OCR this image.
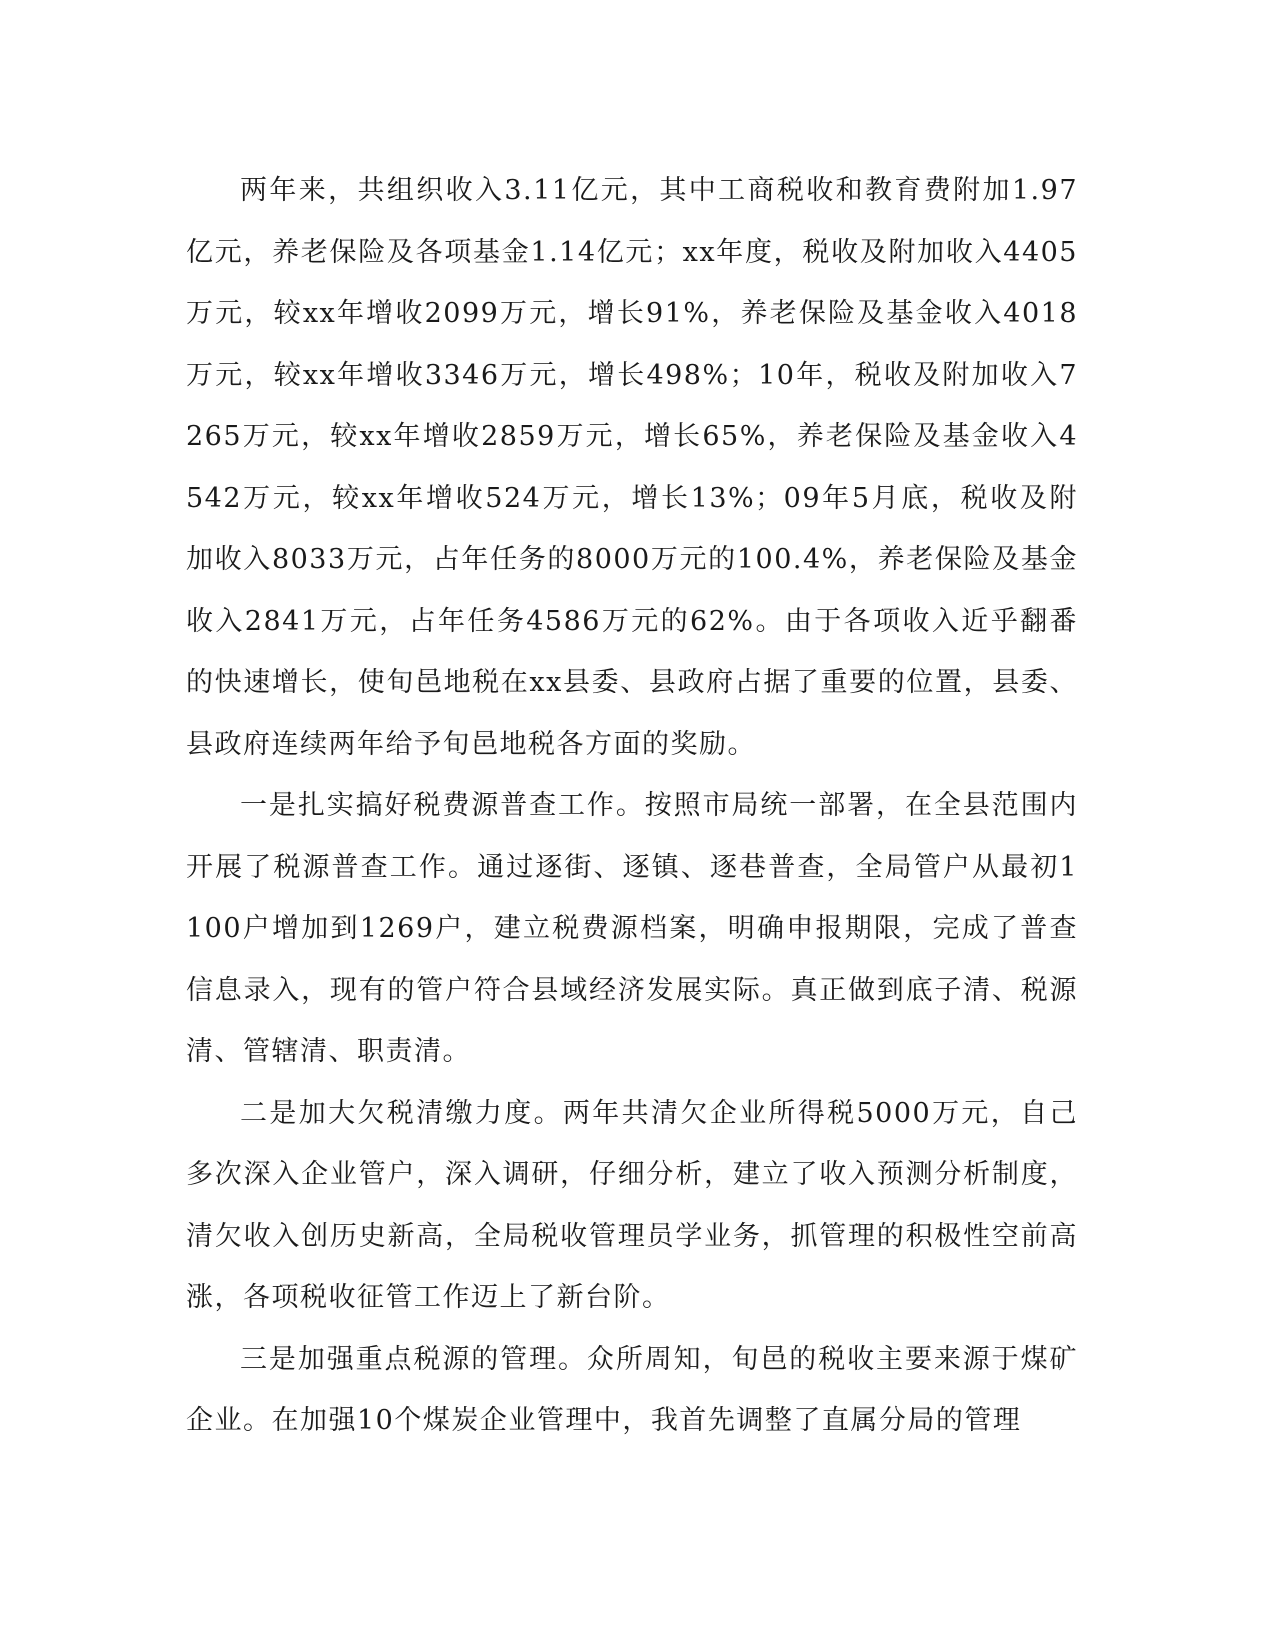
两年来，共组织收入3.11亿元，其中工商税收和教育费附加1.97亿元，养老保险及各项基金1.14亿元；xx年度，税收及附加收入4405万元，较xx年增收2099万元，增长91%，养老保险及基金收入4018万元，较xx年增收3346万元，增长498%；10年，税收及附加收入7265万元，较xx年增收2859万元，增长65%，养老保险及基金收入4542万元，较xx年增收524万元，增长13%；09年5月底，税收及附加收入8033万元，占年任务的8000万元的100.4%，养老保险及基金收入2841万元，占年任务4586万元的62%。由于各项收入近乎翻番的快速增长，使旬邑地税在xx县委、县政府占据了重要的位置，县委、县政府连续两年给予旬邑地税各方面的奖励。

一是扎实搞好税费源普查工作。按照市局统一部署，在全县范围内开展了税源普查工作。通过逐街、逐镇、逐巷普查，全局管户从最初1100户增加到1269户，建立税费源档案，明确申报期限，完成了普查信息录入，现有的管户符合县域经济发展实际。真正做到底子清、税源清、管辖清、职责清。

二是加大欠税清缴力度。两年共清欠企业所得税5000万元，自己多次深入企业管户，深入调研，仔细分析，建立了收入预测分析制度，清欠收入创历史新高，全局税收管理员学业务，抓管理的积极性空前高涨，各项税收征管工作迈上了新台阶。

三是加强重点税源的管理。众所周知，旬邑的税收主要来源于煤矿企业。在加强10个煤炭企业管理中，我首先调整了直属分局的管理
